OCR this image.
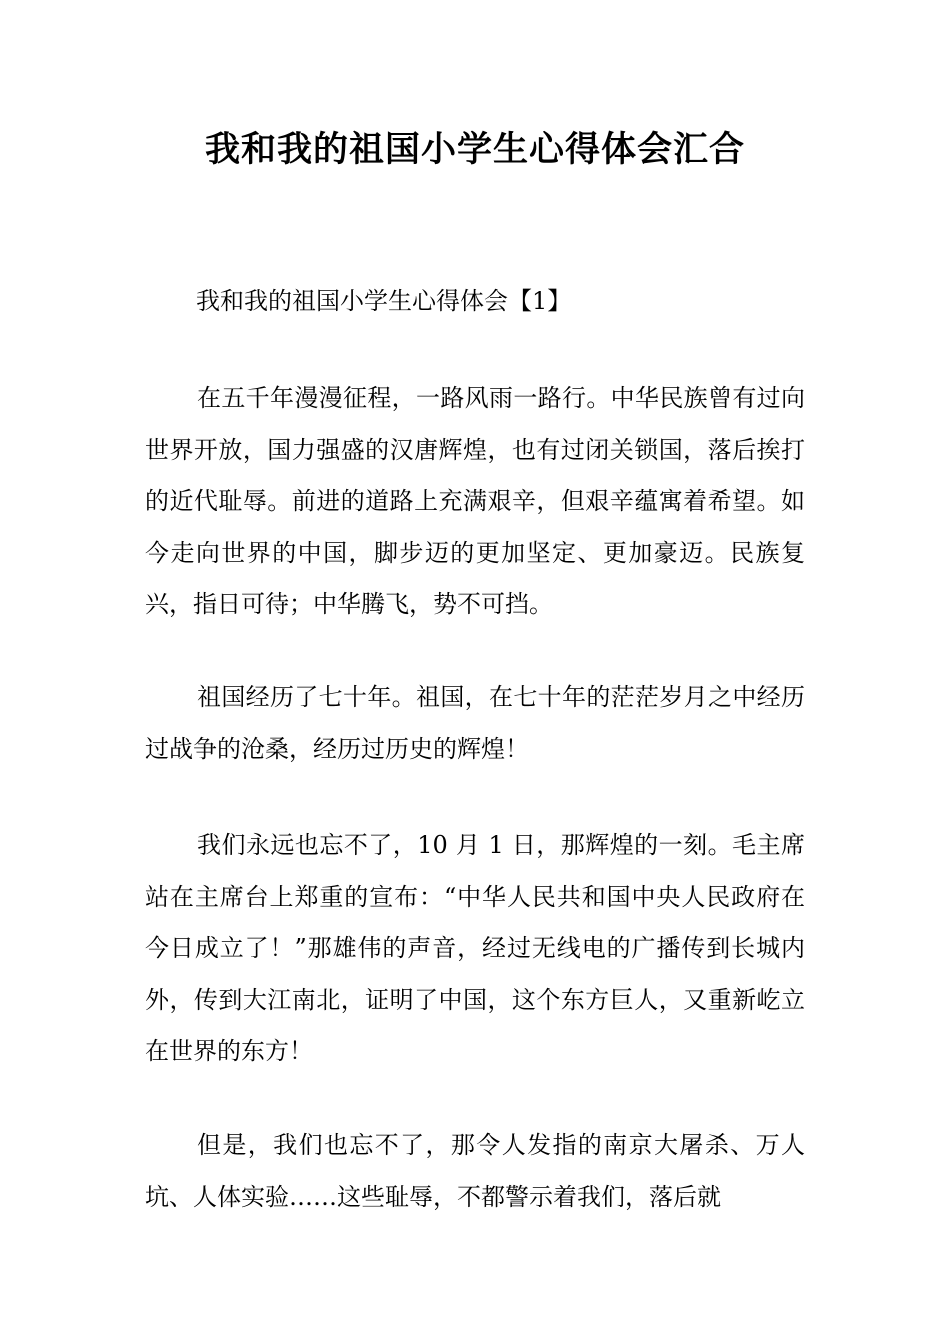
我和我的祖国小学生心得体会汇合

我和我的祖国小学生心得体会【1】

在五千年漫漫征程，一路风雨一路行。中华民族曾有过向世界开放，国力强盛的汉唐辉煌，也有过闭关锁国，落后挨打的近代耻辱。前进的道路上充满艰辛，但艰辛蕴寓着希望。如今走向世界的中国，脚步迈的更加坚定、更加豪迈。民族复兴，指日可待；中华腾飞，势不可挡。

祖国经历了七十年。祖国，在七十年的茫茫岁月之中经历过战争的沧桑，经历过历史的辉煌！

我们永远也忘不了，10 月 1 日，那辉煌的一刻。毛主席站在主席台上郑重的宣布：“中华人民共和国中央人民政府在今日成立了！”那雄伟的声音，经过无线电的广播传到长城内外，传到大江南北，证明了中国，这个东方巨人，又重新屹立在世界的东方！

但是，我们也忘不了，那令人发指的南京大屠杀、万人坑、人体实验……这些耻辱，不都警示着我们，落后就
